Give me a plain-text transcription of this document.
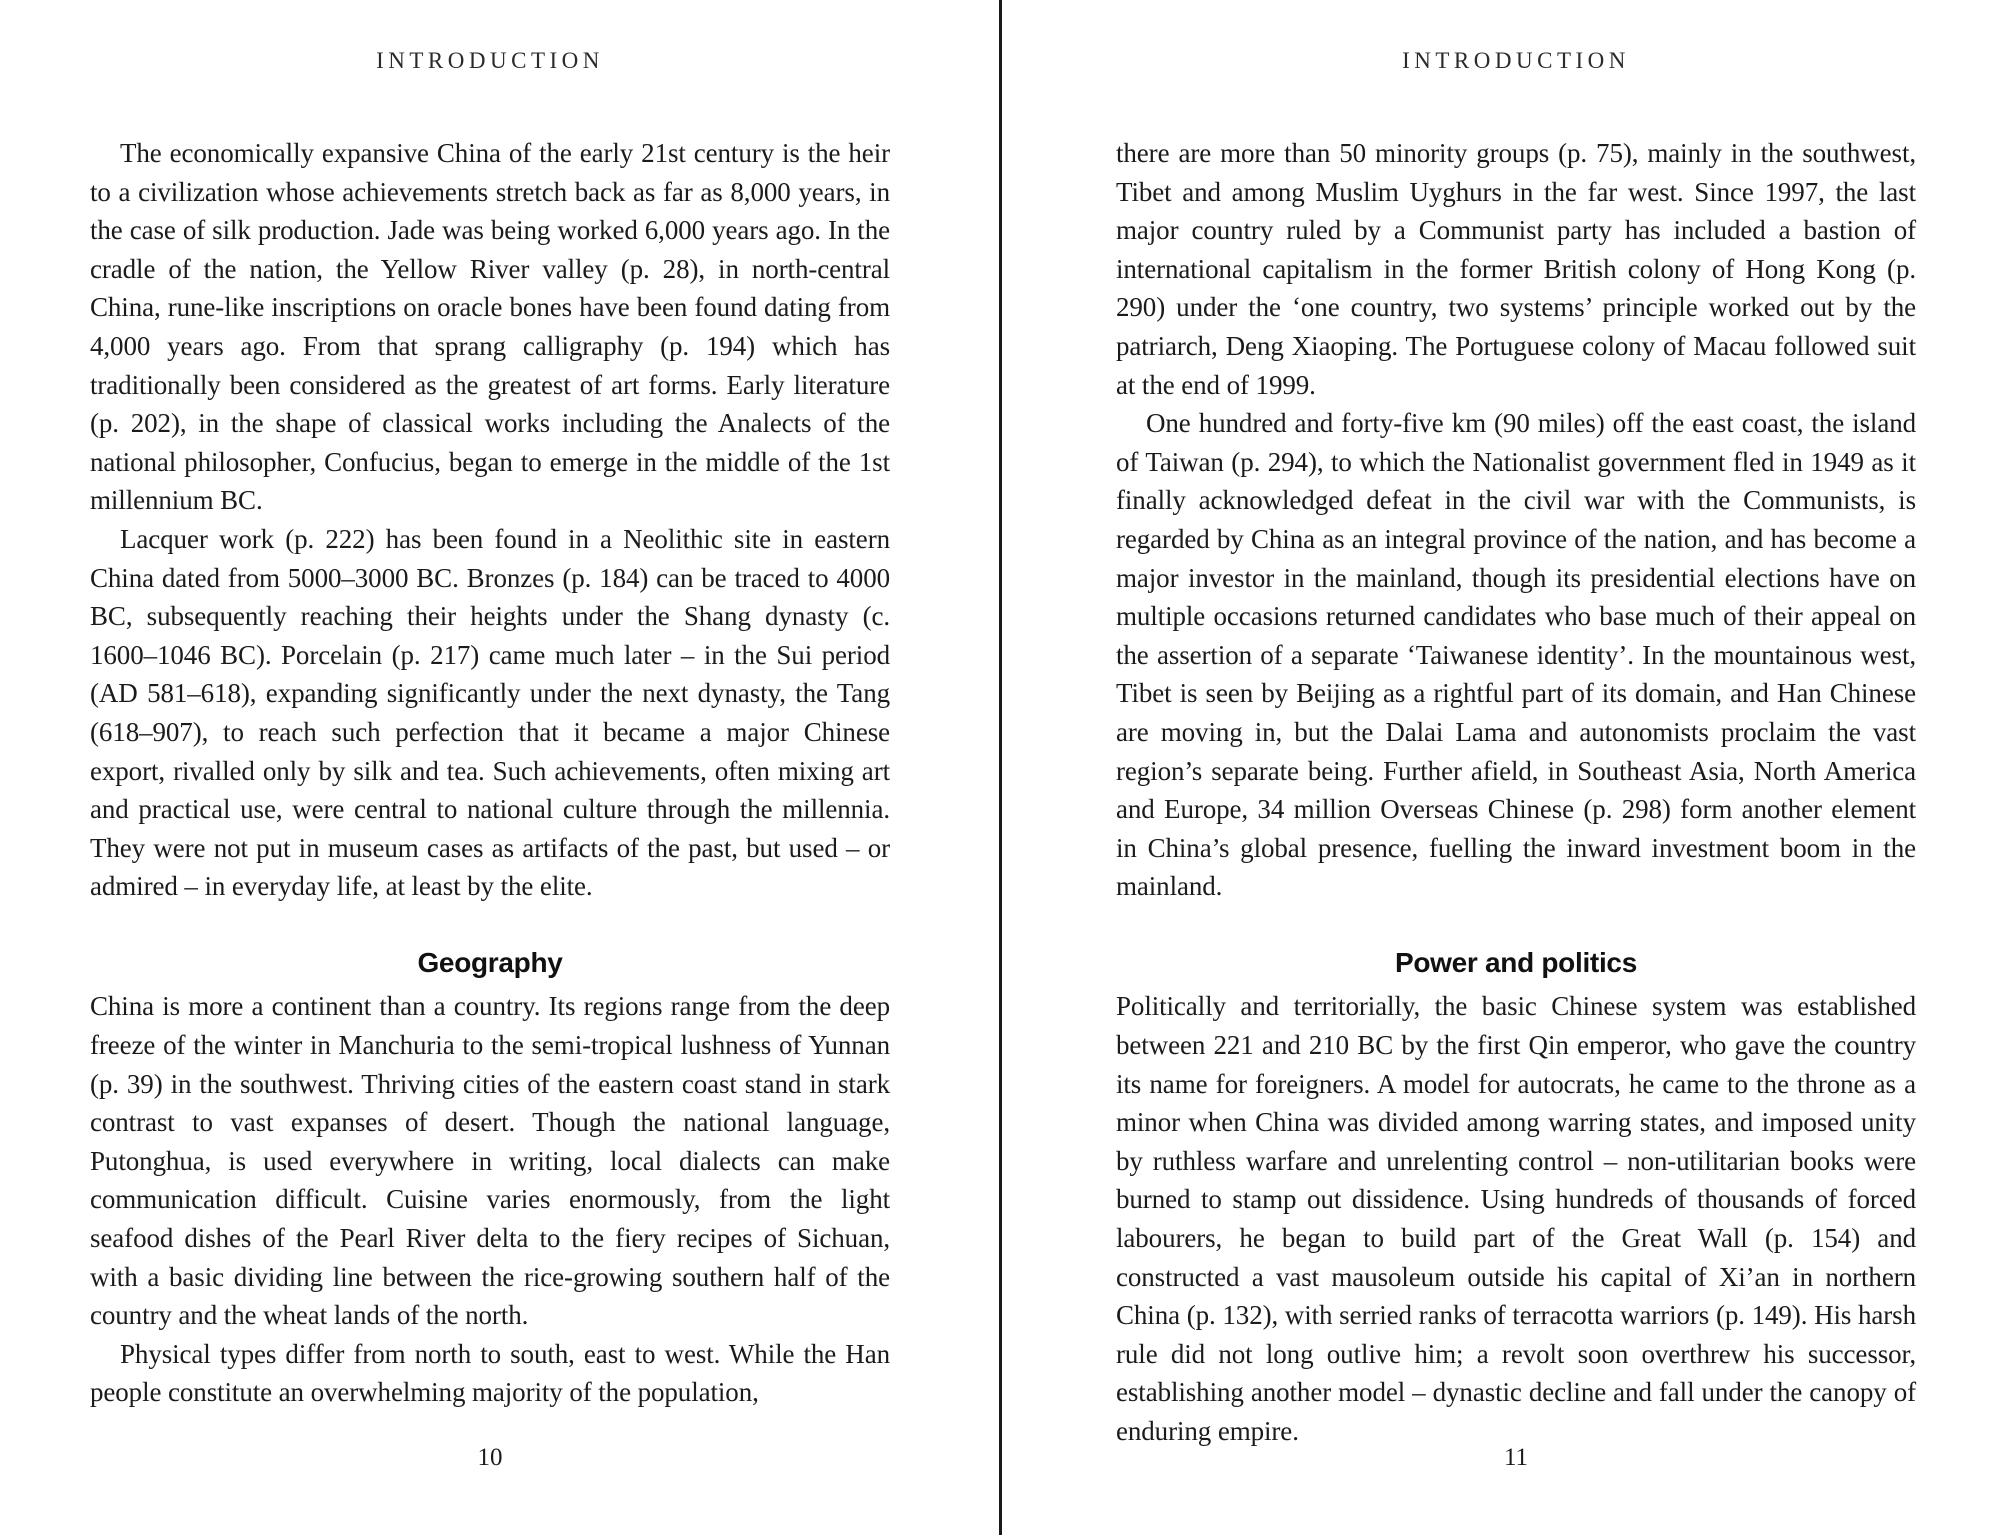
INTRODUCTION

The economically expansive China of the early 21st century is the heir to a civilization whose achievements stretch back as far as 8,000 years, in the case of silk production. Jade was being worked 6,000 years ago. In the cradle of the nation, the Yellow River valley (p. 28), in north-central China, rune-like inscriptions on oracle bones have been found dating from 4,000 years ago. From that sprang calligraphy (p. 194) which has traditionally been considered as the greatest of art forms. Early literature (p. 202), in the shape of classical works including the Analects of the national philosopher, Confucius, began to emerge in the middle of the 1st millennium BC.

Lacquer work (p. 222) has been found in a Neolithic site in eastern China dated from 5000–3000 BC. Bronzes (p. 184) can be traced to 4000 BC, subsequently reaching their heights under the Shang dynasty (c. 1600–1046 BC). Porcelain (p. 217) came much later – in the Sui period (AD 581–618), expanding significantly under the next dynasty, the Tang (618–907), to reach such perfection that it became a major Chinese export, rivalled only by silk and tea. Such achievements, often mixing art and practical use, were central to national culture through the millennia. They were not put in museum cases as artifacts of the past, but used – or admired – in everyday life, at least by the elite.

Geography

China is more a continent than a country. Its regions range from the deep freeze of the winter in Manchuria to the semi-tropical lushness of Yunnan (p. 39) in the southwest. Thriving cities of the eastern coast stand in stark contrast to vast expanses of desert. Though the national language, Putonghua, is used everywhere in writing, local dialects can make communication difficult. Cuisine varies enormously, from the light seafood dishes of the Pearl River delta to the fiery recipes of Sichuan, with a basic dividing line between the rice-growing southern half of the country and the wheat lands of the north.

Physical types differ from north to south, east to west. While the Han people constitute an overwhelming majority of the population,

10
INTRODUCTION

there are more than 50 minority groups (p. 75), mainly in the southwest, Tibet and among Muslim Uyghurs in the far west. Since 1997, the last major country ruled by a Communist party has included a bastion of international capitalism in the former British colony of Hong Kong (p. 290) under the ‘one country, two systems’ principle worked out by the patriarch, Deng Xiaoping. The Portuguese colony of Macau followed suit at the end of 1999.

One hundred and forty-five km (90 miles) off the east coast, the island of Taiwan (p. 294), to which the Nationalist government fled in 1949 as it finally acknowledged defeat in the civil war with the Communists, is regarded by China as an integral province of the nation, and has become a major investor in the mainland, though its presidential elections have on multiple occasions returned candidates who base much of their appeal on the assertion of a separate ‘Taiwanese identity’. In the mountainous west, Tibet is seen by Beijing as a rightful part of its domain, and Han Chinese are moving in, but the Dalai Lama and autonomists proclaim the vast region’s separate being. Further afield, in Southeast Asia, North America and Europe, 34 million Overseas Chinese (p. 298) form another element in China’s global presence, fuelling the inward investment boom in the mainland.

Power and politics

Politically and territorially, the basic Chinese system was established between 221 and 210 BC by the first Qin emperor, who gave the country its name for foreigners. A model for autocrats, he came to the throne as a minor when China was divided among warring states, and imposed unity by ruthless warfare and unrelenting control – non-utilitarian books were burned to stamp out dissidence. Using hundreds of thousands of forced labourers, he began to build part of the Great Wall (p. 154) and constructed a vast mausoleum outside his capital of Xi’an in northern China (p. 132), with serried ranks of terracotta warriors (p. 149). His harsh rule did not long outlive him; a revolt soon overthrew his successor, establishing another model – dynastic decline and fall under the canopy of enduring empire.

11
